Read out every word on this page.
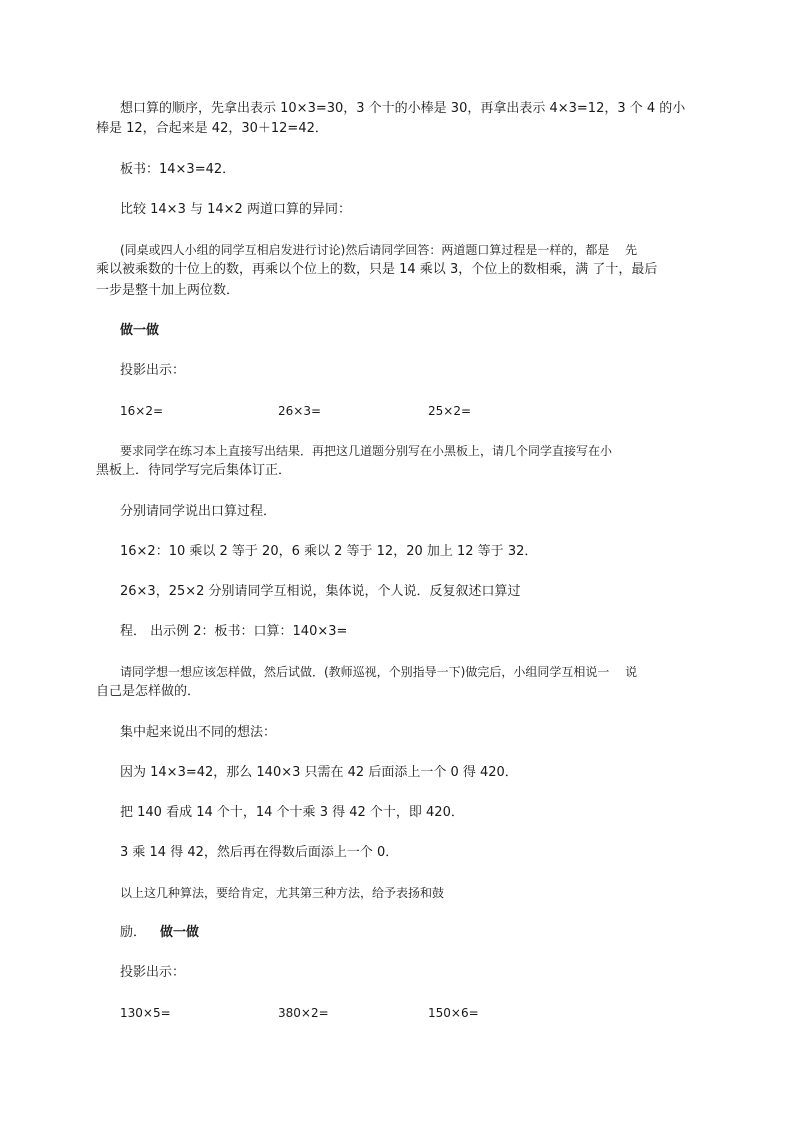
想口算的顺序，先拿出表示 10×3=30，3 个十的小棒是 30，再拿出表示 4×3=12，3 个 4 的小
棒是 12，合起来是 42，30＋12=42．
板书：14×3=42．
比较 14×3 与 14×2 两道口算的异同：
(同桌或四人小组的同学互相启发进行讨论)然后请同学回答：两道题口算过程是一样的，都是　 先
乘以被乘数的十位上的数，再乘以个位上的数，只是 14 乘以 3，个位上的数相乘，满 了十，最后
一步是整十加上两位数．
做一做
投影出示：
16×2=	26×3=	25×2=
要求同学在练习本上直接写出结果．再把这几道题分别写在小黑板上，请几个同学直接写在小
黑板上．待同学写完后集体订正．
分别请同学说出口算过程．
16×2：10 乘以 2 等于 20，6 乘以 2 等于 12，20 加上 12 等于 32．
26×3，25×2 分别请同学互相说，集体说，个人说．反复叙述口算过
程． 出示例 2：板书：口算：140×3=
请同学想一想应该怎样做，然后试做．(教师巡视，个别指导一下)做完后，小组同学互相说一　 说
自己是怎样做的．
集中起来说出不同的想法：
因为 14×3=42，那么 140×3 只需在 42 后面添上一个 0 得 420．
把 140 看成 14 个十，14 个十乘 3 得 42 个十，即 420．
3 乘 14 得 42，然后再在得数后面添上一个 0．
以上这几种算法，要给肯定，尤其第三种方法，给予表扬和鼓
励． 做一做
投影出示：
130×5=	380×2=	150×6=
